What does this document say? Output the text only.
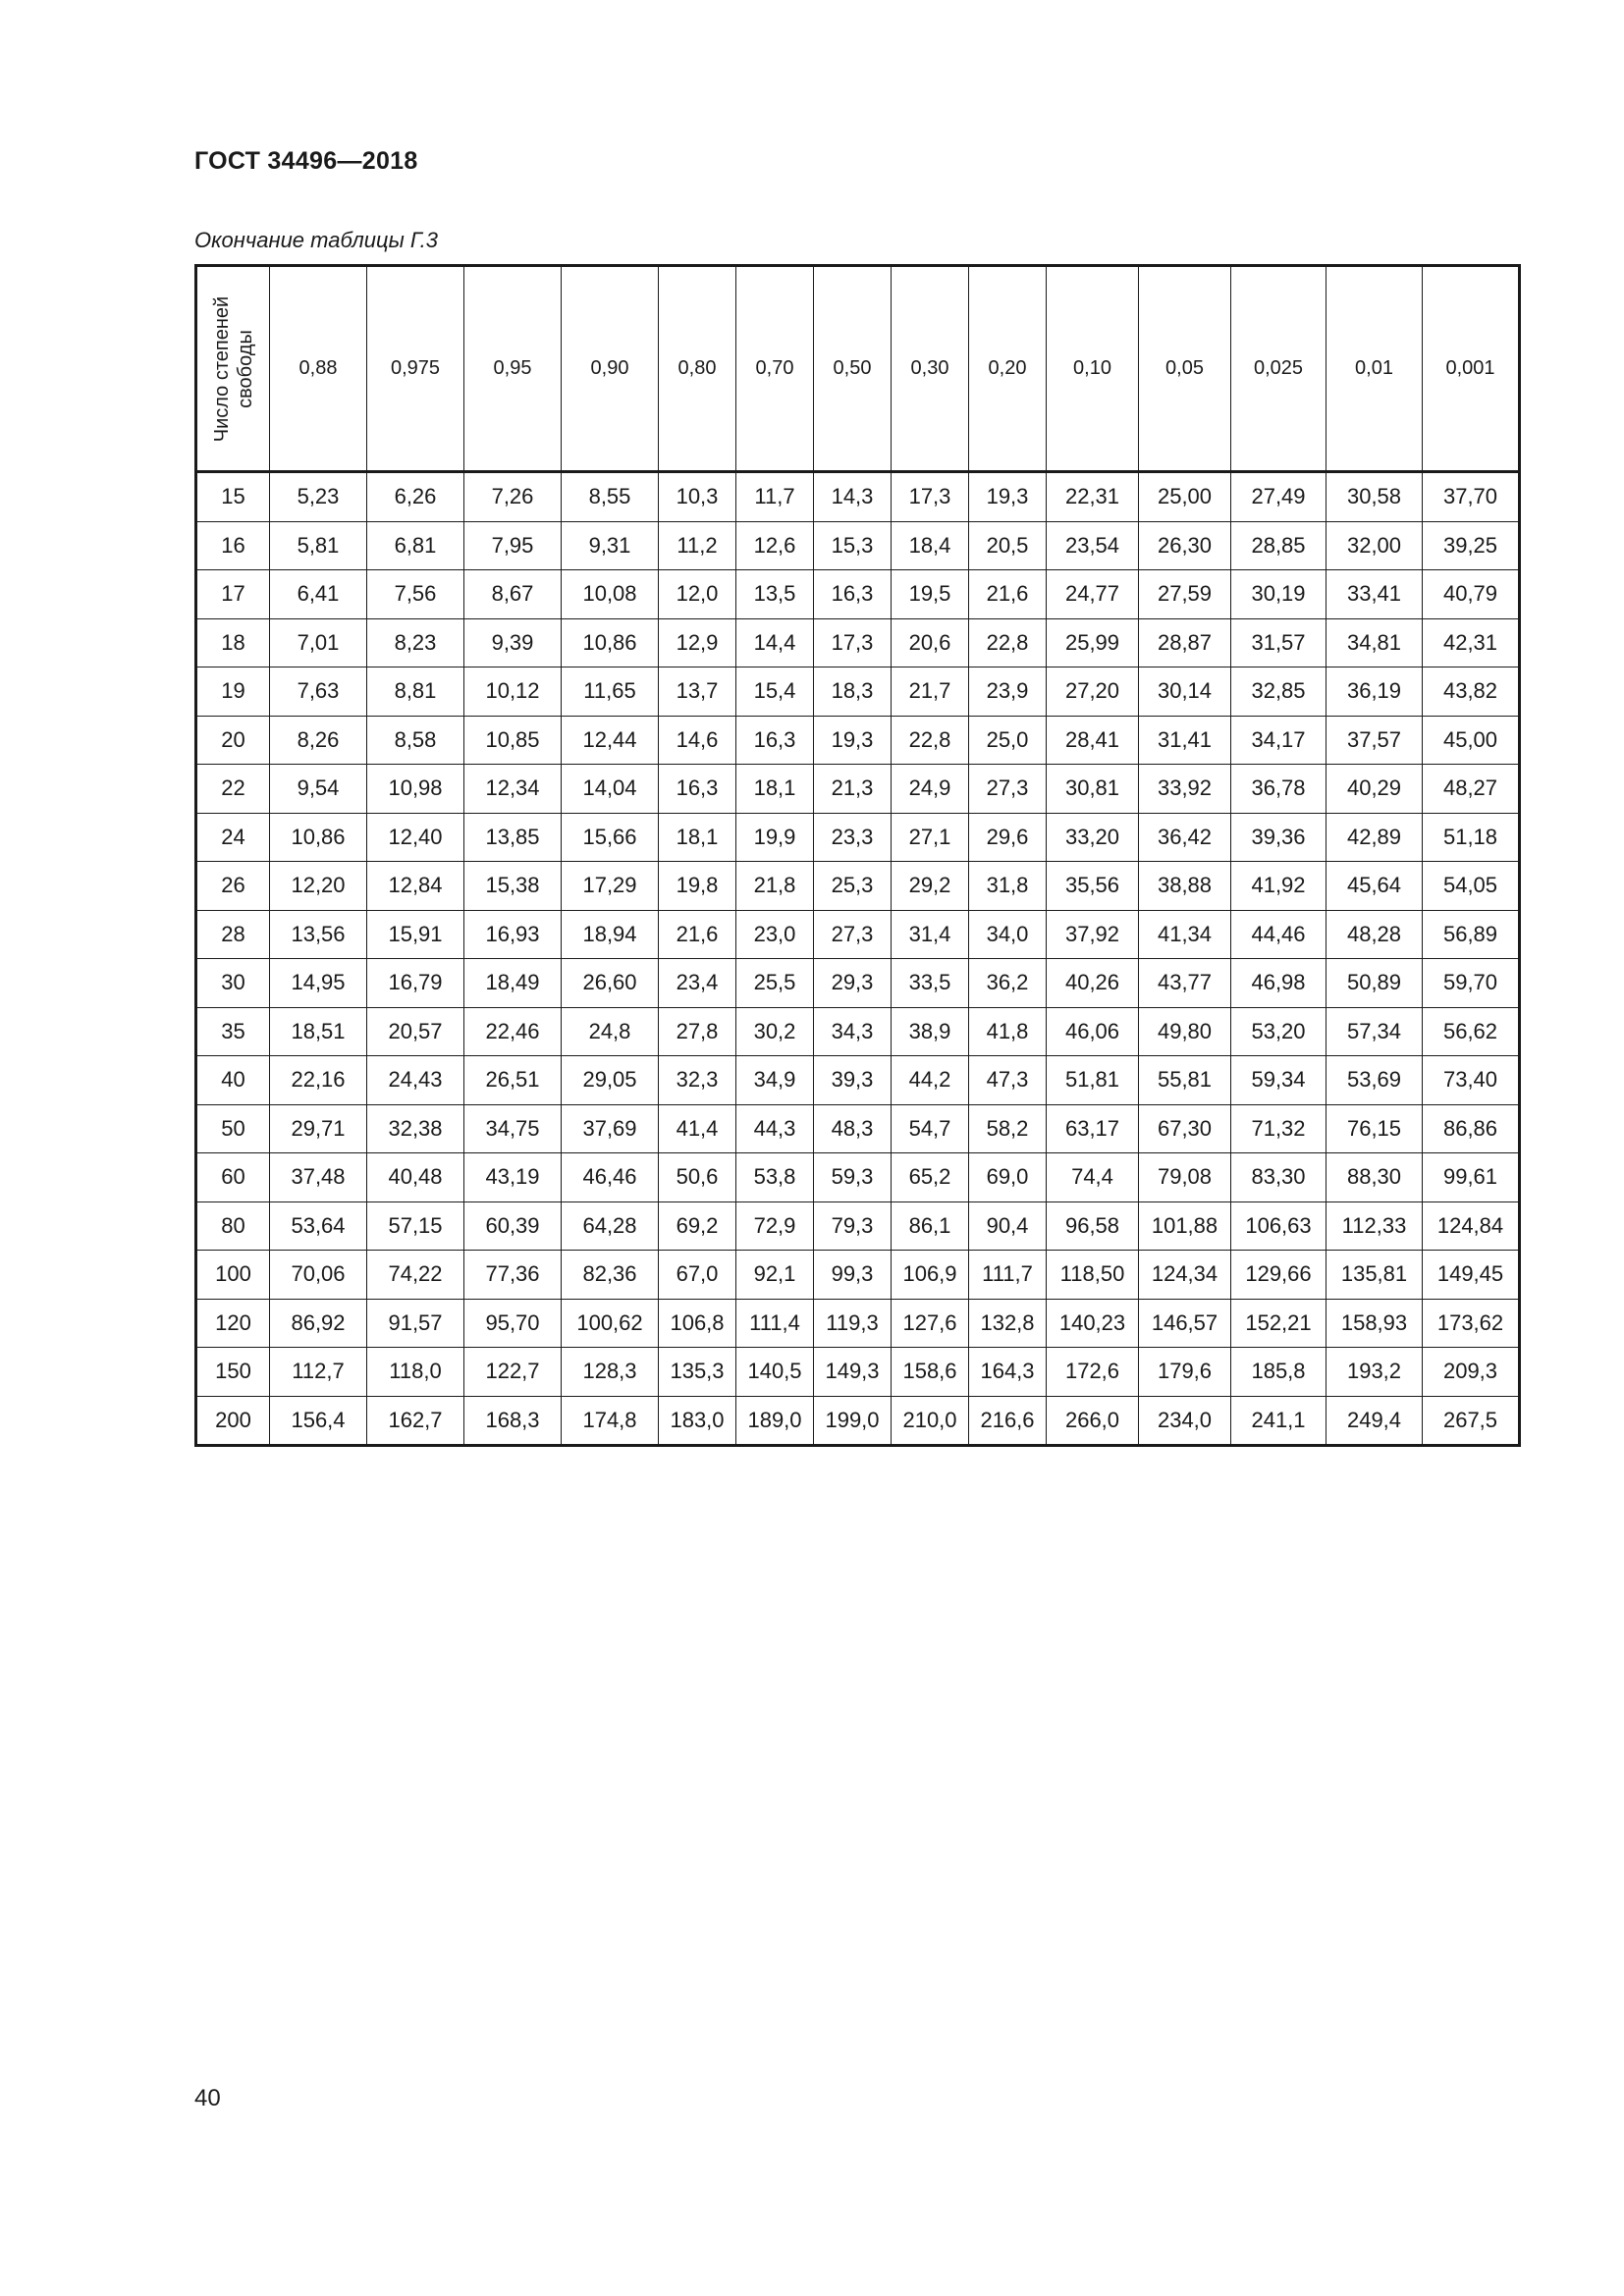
ГОСТ 34496—2018

Окончание таблицы Г.3

Число степеней свободы	0,88	0,975	0,95	0,90	0,80	0,70	0,50	0,30	0,20	0,10	0,05	0,025	0,01	0,001
15	5,23	6,26	7,26	8,55	10,3	11,7	14,3	17,3	19,3	22,31	25,00	27,49	30,58	37,70
16	5,81	6,81	7,95	9,31	11,2	12,6	15,3	18,4	20,5	23,54	26,30	28,85	32,00	39,25
17	6,41	7,56	8,67	10,08	12,0	13,5	16,3	19,5	21,6	24,77	27,59	30,19	33,41	40,79
18	7,01	8,23	9,39	10,86	12,9	14,4	17,3	20,6	22,8	25,99	28,87	31,57	34,81	42,31
19	7,63	8,81	10,12	11,65	13,7	15,4	18,3	21,7	23,9	27,20	30,14	32,85	36,19	43,82
20	8,26	8,58	10,85	12,44	14,6	16,3	19,3	22,8	25,0	28,41	31,41	34,17	37,57	45,00
22	9,54	10,98	12,34	14,04	16,3	18,1	21,3	24,9	27,3	30,81	33,92	36,78	40,29	48,27
24	10,86	12,40	13,85	15,66	18,1	19,9	23,3	27,1	29,6	33,20	36,42	39,36	42,89	51,18
26	12,20	12,84	15,38	17,29	19,8	21,8	25,3	29,2	31,8	35,56	38,88	41,92	45,64	54,05
28	13,56	15,91	16,93	18,94	21,6	23,0	27,3	31,4	34,0	37,92	41,34	44,46	48,28	56,89
30	14,95	16,79	18,49	26,60	23,4	25,5	29,3	33,5	36,2	40,26	43,77	46,98	50,89	59,70
35	18,51	20,57	22,46	24,8	27,8	30,2	34,3	38,9	41,8	46,06	49,80	53,20	57,34	56,62
40	22,16	24,43	26,51	29,05	32,3	34,9	39,3	44,2	47,3	51,81	55,81	59,34	53,69	73,40
50	29,71	32,38	34,75	37,69	41,4	44,3	48,3	54,7	58,2	63,17	67,30	71,32	76,15	86,86
60	37,48	40,48	43,19	46,46	50,6	53,8	59,3	65,2	69,0	74,4	79,08	83,30	88,30	99,61
80	53,64	57,15	60,39	64,28	69,2	72,9	79,3	86,1	90,4	96,58	101,88	106,63	112,33	124,84
100	70,06	74,22	77,36	82,36	67,0	92,1	99,3	106,9	111,7	118,50	124,34	129,66	135,81	149,45
120	86,92	91,57	95,70	100,62	106,8	111,4	119,3	127,6	132,8	140,23	146,57	152,21	158,93	173,62
150	112,7	118,0	122,7	128,3	135,3	140,5	149,3	158,6	164,3	172,6	179,6	185,8	193,2	209,3
200	156,4	162,7	168,3	174,8	183,0	189,0	199,0	210,0	216,6	266,0	234,0	241,1	249,4	267,5

40
